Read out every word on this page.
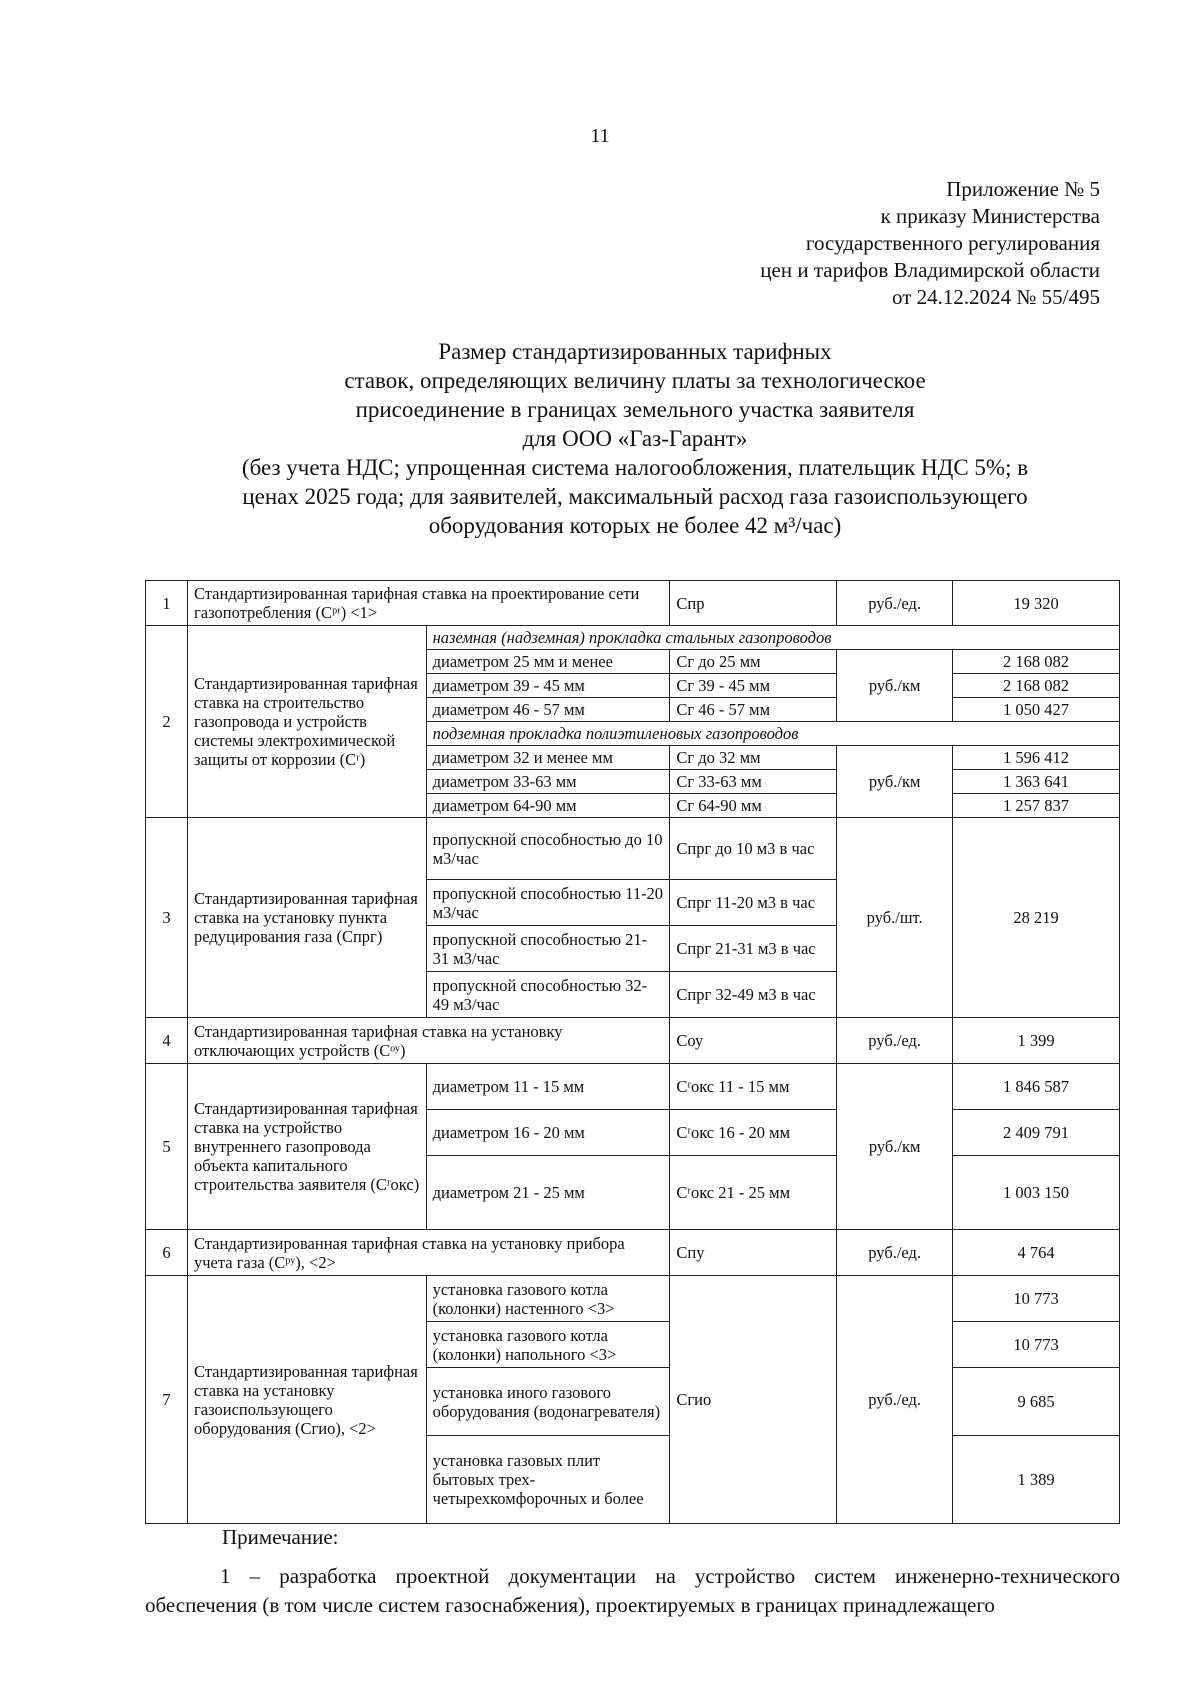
11
Приложение № 5
к приказу Министерства
государственного регулирования
цен и тарифов Владимирской области
от 24.12.2024 № 55/495
Размер стандартизированных тарифных
ставок, определяющих величину платы за технологическое
присоединение в границах земельного участка заявителя
для ООО «Газ-Гарант»
(без учета НДС; упрощенная система налогообложения, плательщик НДС 5%; в
ценах 2025 года; для заявителей, максимальный расход газа газоиспользующего
оборудования которых не более 42 м³/час)
1	Стандартизированная тарифная ставка на проектирование сети газопотребления (Cᵖʳ) <1>		Спр	руб./ед.	19 320
2	Стандартизированная тарифная ставка на строительство газопровода и устройств системы электрохимической защиты от коррозии (Cʳ)	наземная (надземная) прокладка стальных газопроводов			
		диаметром 25 мм и менее	Сг до 25 мм	руб./км	2 168 082
		диаметром 39 - 45 мм	Сг 39 - 45 мм		2 168 082
		диаметром 46 - 57 мм	Сг 46 - 57 мм		1 050 427
		подземная прокладка полиэтиленовых газопроводов			
		диаметром 32 и менее мм	Сг до 32 мм	руб./км	1 596 412
		диаметром 33-63 мм	Сг 33-63 мм		1 363 641
		диаметром 64-90 мм	Сг 64-90 мм		1 257 837
3	Стандартизированная тарифная ставка на установку пункта редуцирования газа (Спрг)	пропускной способностью до 10 м3/час	Спрг до 10 м3 в час	руб./шт.	28 219
		пропускной способностью 11-20 м3/час	Спрг 11-20 м3 в час		
		пропускной способностью 21-31 м3/час	Спрг 21-31 м3 в час		
		пропускной способностью 32-49 м3/час	Спрг 32-49 м3 в час		
4	Стандартизированная тарифная ставка на установку отключающих устройств (Cᵒʸ)		Соу	руб./ед.	1 399
5	Стандартизированная тарифная ставка на устройство внутреннего газопровода объекта капитального строительства заявителя (Cʳокс)	диаметром 11 - 15 мм	Cʳокс 11 - 15 мм	руб./км	1 846 587
		диаметром 16 - 20 мм	Cʳокс 16 - 20 мм		2 409 791
		диаметром 21 - 25 мм	Cʳокс 21 - 25 мм		1 003 150
6	Стандартизированная тарифная ставка на установку прибора учета газа (Cᵖʸ), <2>		Спу	руб./ед.	4 764
7	Стандартизированная тарифная ставка на установку газоиспользующего оборудования (Сгио), <2>	установка газового котла (колонки) настенного <3>	Сгио	руб./ед.	10 773
		установка газового котла (колонки) напольного <3>			10 773
		установка иного газового оборудования (водонагревателя)			9 685
		установка газовых плит бытовых трех-четырехкомфорочных и более			1 389
Примечание:
1 – разработка проектной документации на устройство систем инженерно-технического обеспечения (в том числе систем газоснабжения), проектируемых в границах принадлежащего
